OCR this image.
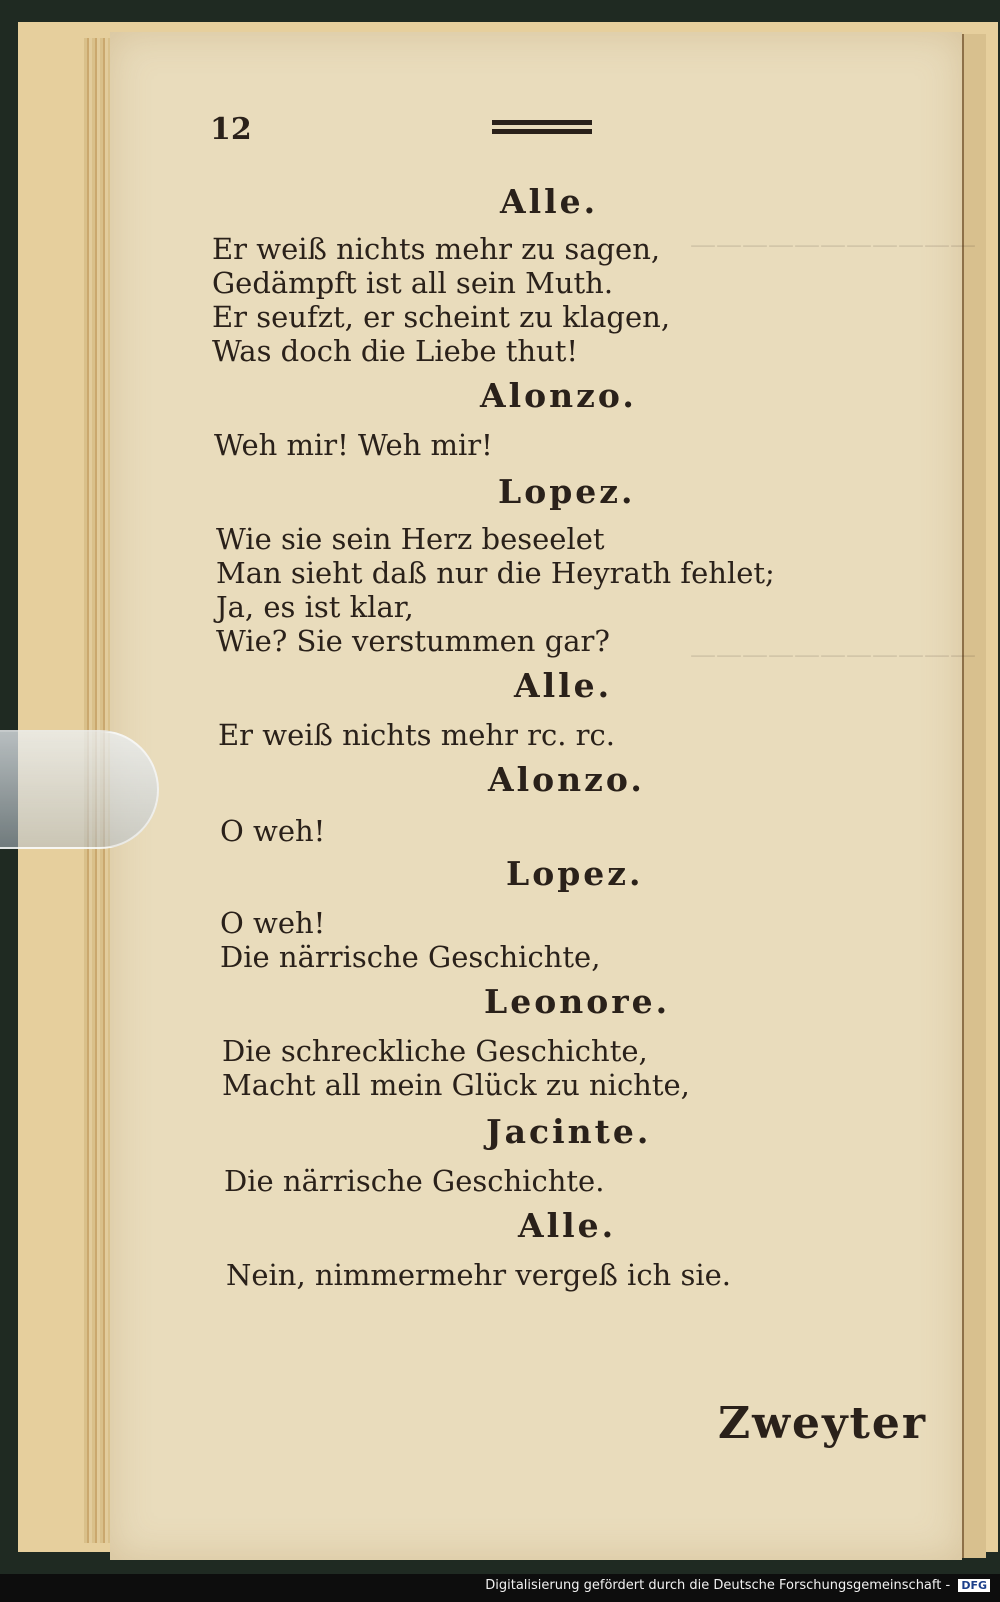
———————————
———————————
12
Alle.
Er weiß nichts mehr zu sagen,
Gedämpft ist all sein Muth.
Er seufzt, er scheint zu klagen,
Was doch die Liebe thut!
Alonzo.
Weh mir! Weh mir!
Lopez.
Wie sie sein Herz beseelet
Man sieht daß nur die Heyrath fehlet;
Ja, es ist klar,
Wie? Sie verstummen gar?
Alle.
Er weiß nichts mehr rc. rc.
Alonzo.
O weh!
Lopez.
O weh!
Die närrische Geschichte,
Leonore.
Die schreckliche Geschichte,
Macht all mein Glück zu nichte,
Jacinte.
Die närrische Geschichte.
Alle.
Nein, nimmermehr vergeß ich sie.
Zweyter
Digitalisierung gefördert durch die Deutsche Forschungsgemeinschaft - DFG
